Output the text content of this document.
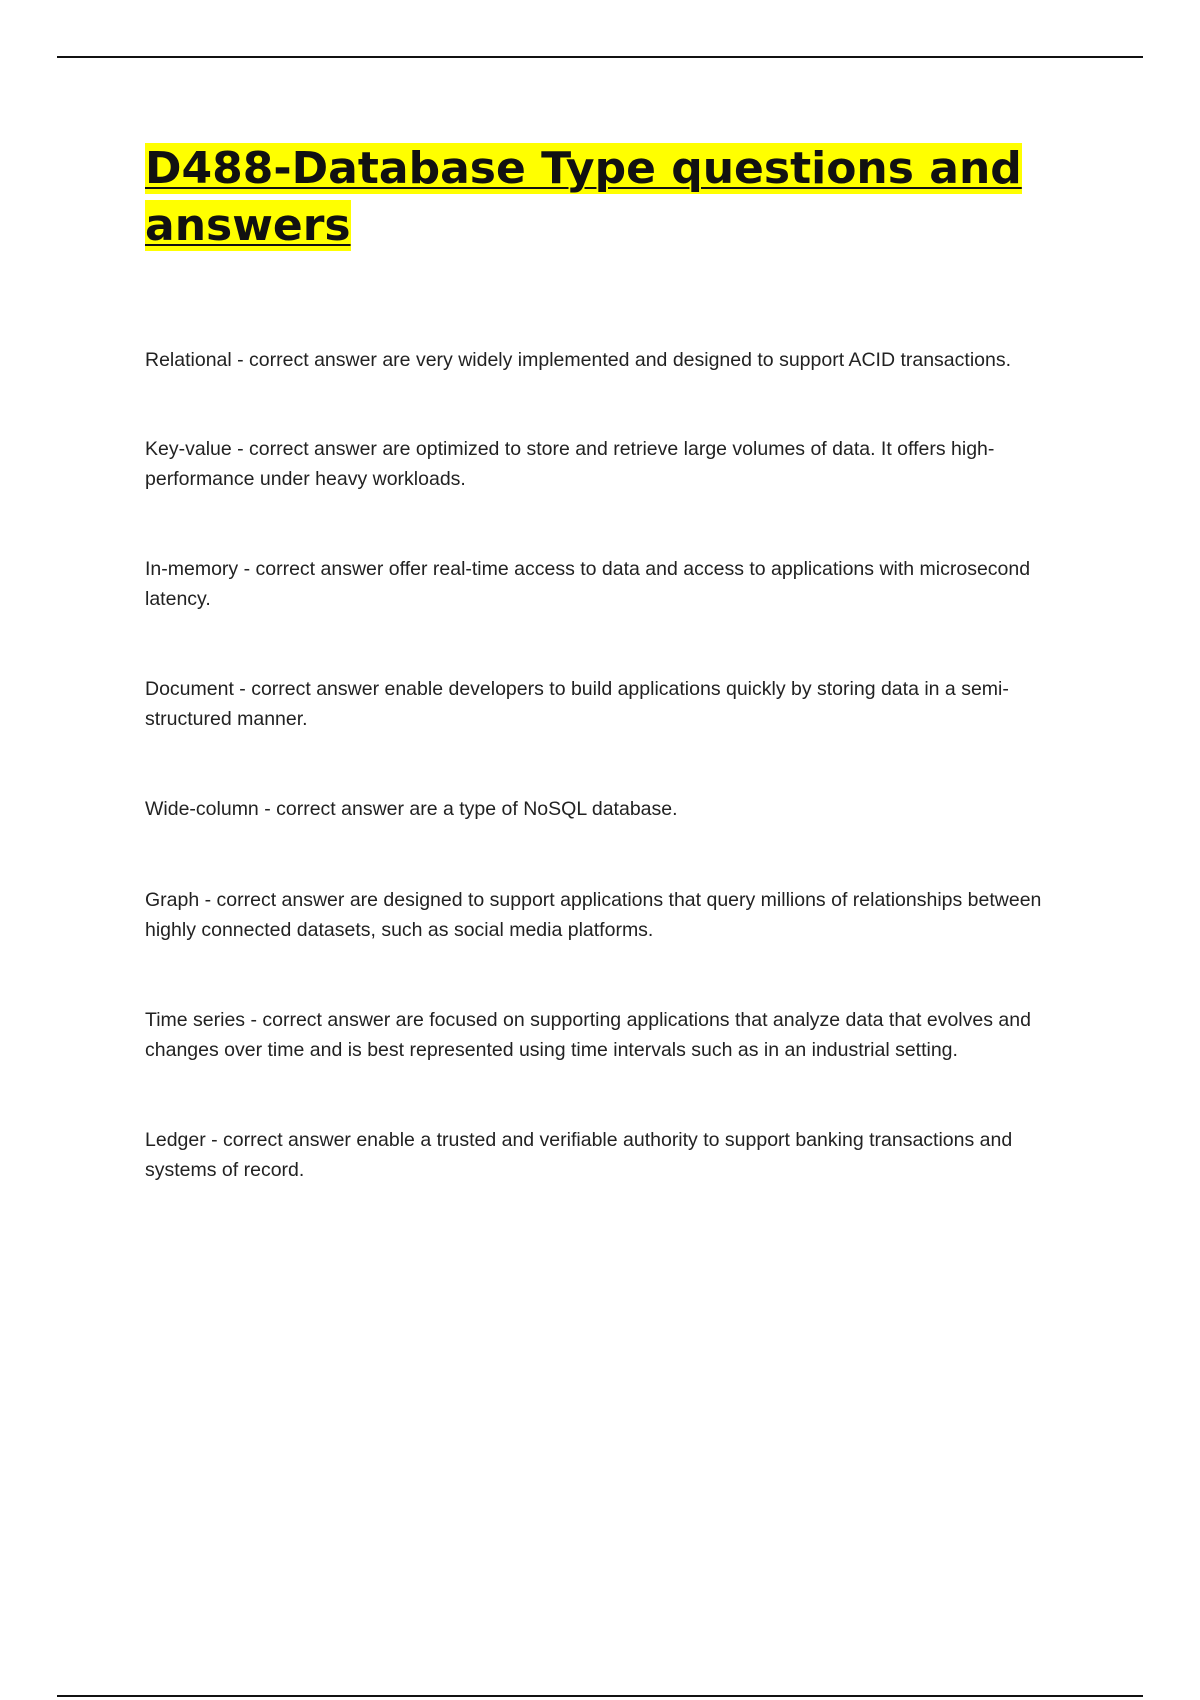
D488-Database Type questions and answers

Relational - correct answer are very widely implemented and designed to support ACID transactions.

Key-value - correct answer are optimized to store and retrieve large volumes of data. It offers high-performance under heavy workloads.

In-memory - correct answer offer real-time access to data and access to applications with microsecond latency.

Document - correct answer enable developers to build applications quickly by storing data in a semi-structured manner.

Wide-column - correct answer are a type of NoSQL database.

Graph - correct answer are designed to support applications that query millions of relationships between highly connected datasets, such as social media platforms.

Time series - correct answer are focused on supporting applications that analyze data that evolves and changes over time and is best represented using time intervals such as in an industrial setting.

Ledger - correct answer enable a trusted and verifiable authority to support banking transactions and systems of record.
